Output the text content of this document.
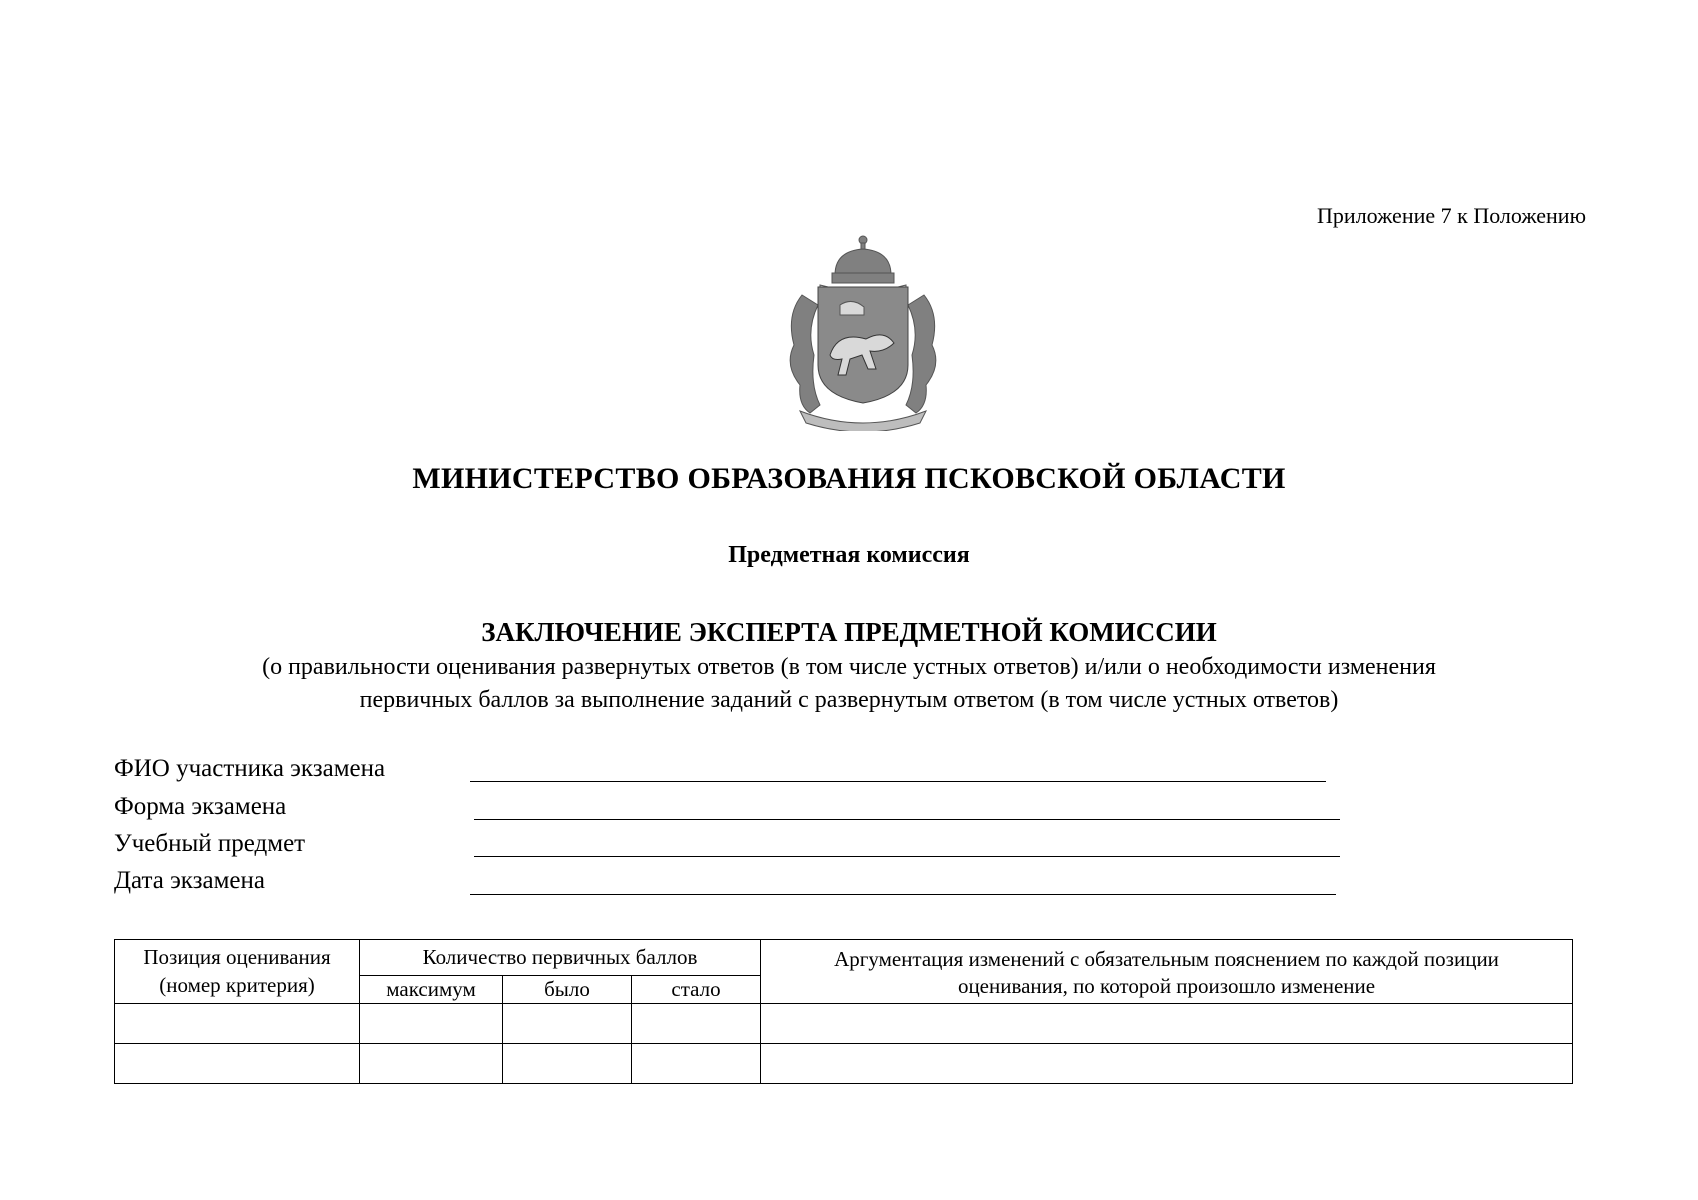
Приложение 7 к Положению
МИНИСТЕРСТВО ОБРАЗОВАНИЯ ПСКОВСКОЙ ОБЛАСТИ
Предметная комиссия
ЗАКЛЮЧЕНИЕ ЭКСПЕРТА ПРЕДМЕТНОЙ КОМИССИИ
(о правильности оценивания развернутых ответов (в том числе устных ответов) и/или о необходимости изменения
первичных баллов за выполнение заданий с развернутым ответом (в том числе устных ответов)
ФИО участника экзамена
Форма экзамена
Учебный предмет
Дата экзамена
Позиция оценивания (номер критерия)	Количество первичных баллов			Аргументация изменений с обязательным пояснением по каждой позиции оценивания, по которой произошло изменение
	максимум	было	стало	
